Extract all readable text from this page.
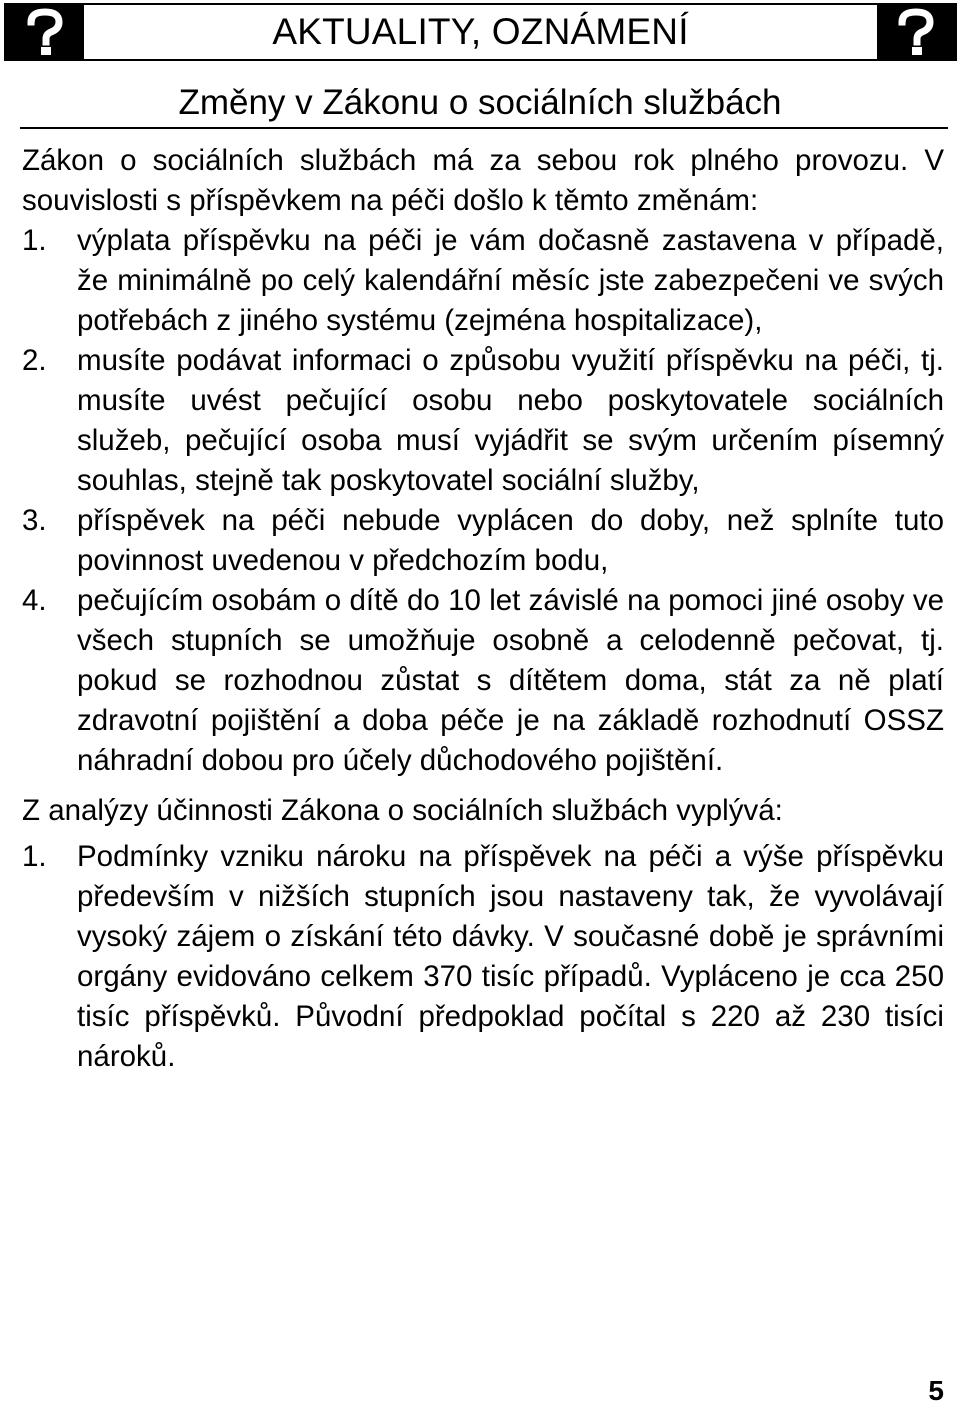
AKTUALITY, OZNÁMENÍ
Změny v Zákonu o sociálních službách

Zákon o sociálních službách má za sebou rok plného provozu. V souvislosti s příspěvkem na péči došlo k těmto změnám:

1. výplata příspěvku na péči je vám dočasně zastavena v případě, že minimálně po celý kalendářní měsíc jste zabezpečeni ve svých potřebách z jiného systému (zejména hospitalizace),
2. musíte podávat informaci o způsobu využití příspěvku na péči, tj. musíte uvést pečující osobu nebo poskytovatele sociálních služeb, pečující osoba musí vyjádřit se svým určením písemný souhlas, stejně tak poskytovatel sociální služby,
3. příspěvek na péči nebude vyplácen do doby, než splníte tuto povinnost uvedenou v předchozím bodu,
4. pečujícím osobám o dítě do 10 let závislé na pomoci jiné osoby ve všech stupních se umožňuje osobně a celodenně pečovat, tj. pokud se rozhodnou zůstat s dítětem doma, stát za ně platí zdravotní pojištění a doba péče je na základě rozhodnutí OSSZ náhradní dobou pro účely důchodového pojištění.

Z analýzy účinnosti Zákona o sociálních službách vyplývá:

1. Podmínky vzniku nároku na příspěvek na péči a výše příspěvku především v nižších stupních jsou nastaveny tak, že vyvolávají vysoký zájem o získání této dávky. V současné době je správními orgány evidováno celkem 370 tisíc případů. Vypláceno je cca 250 tisíc příspěvků. Původní předpoklad počítal s 220 až 230 tisíci nároků.
5
